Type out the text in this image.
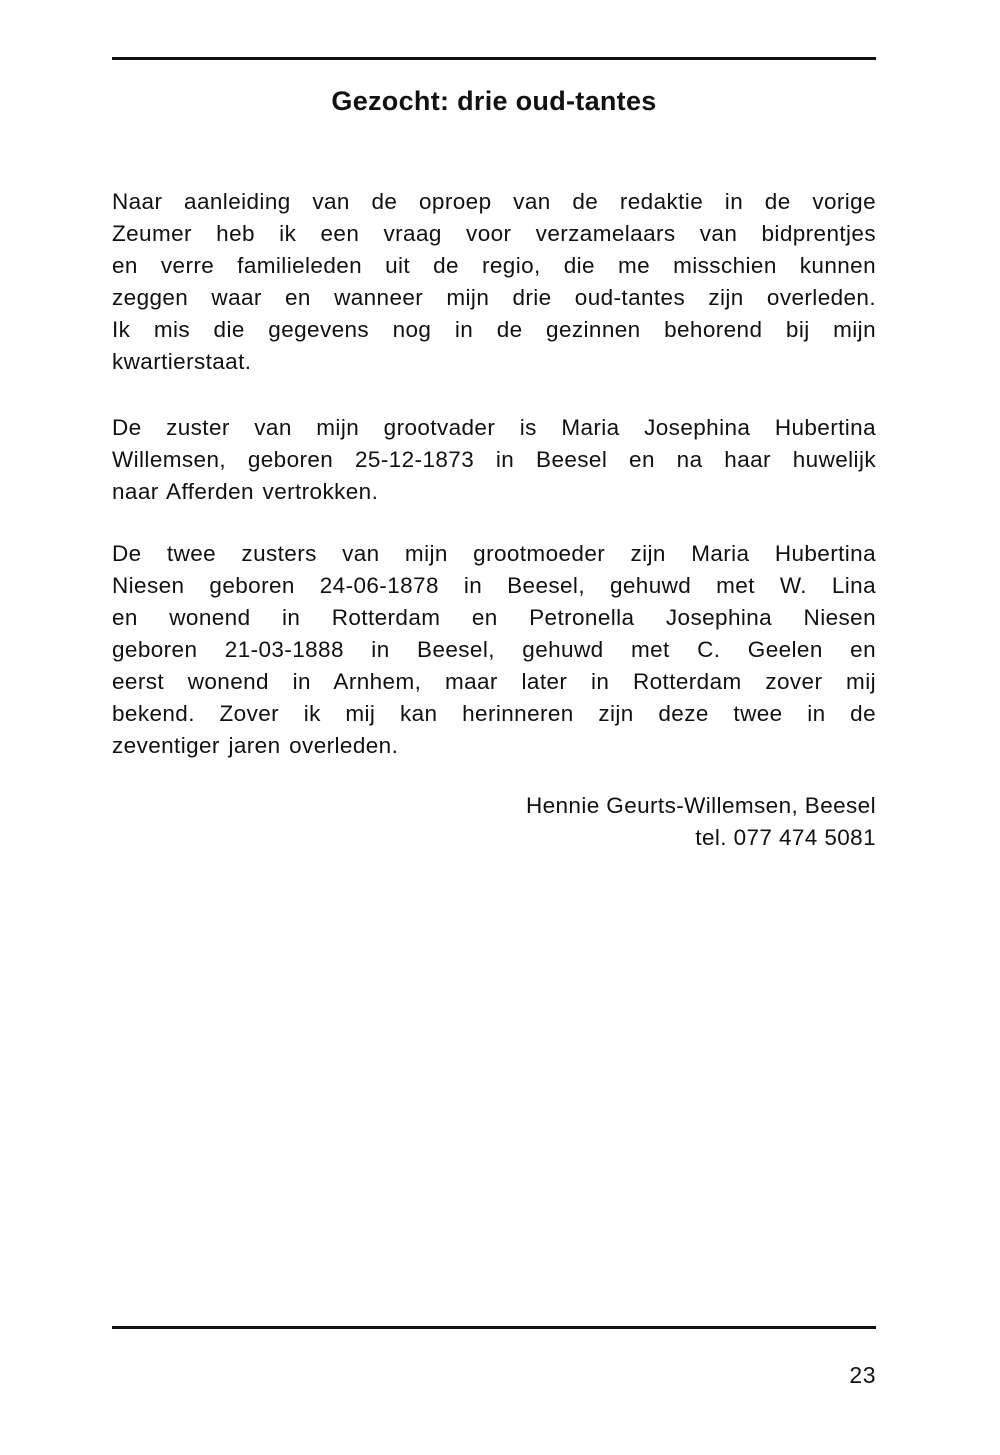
Gezocht: drie oud-tantes
Naar aanleiding van de oproep van de redaktie in de vorige
Zeumer heb ik een vraag voor verzamelaars van bidprentjes
en verre familieleden uit de regio, die me misschien kunnen
zeggen waar en wanneer mijn drie oud-tantes zijn overleden.
Ik mis die gegevens nog in de gezinnen behorend bij mijn
kwartierstaat.
De zuster van mijn grootvader is Maria Josephina Hubertina
Willemsen, geboren 25-12-1873 in Beesel en na haar huwelijk
naar Afferden vertrokken.
De twee zusters van mijn grootmoeder zijn Maria Hubertina
Niesen geboren 24-06-1878 in Beesel, gehuwd met W. Lina
en wonend in Rotterdam en Petronella Josephina Niesen
geboren 21-03-1888 in Beesel, gehuwd met C. Geelen en
eerst wonend in Arnhem, maar later in Rotterdam zover mij
bekend. Zover ik mij kan herinneren zijn deze twee in de
zeventiger jaren overleden.
Hennie Geurts-Willemsen, Beesel
tel. 077 474 5081
23
